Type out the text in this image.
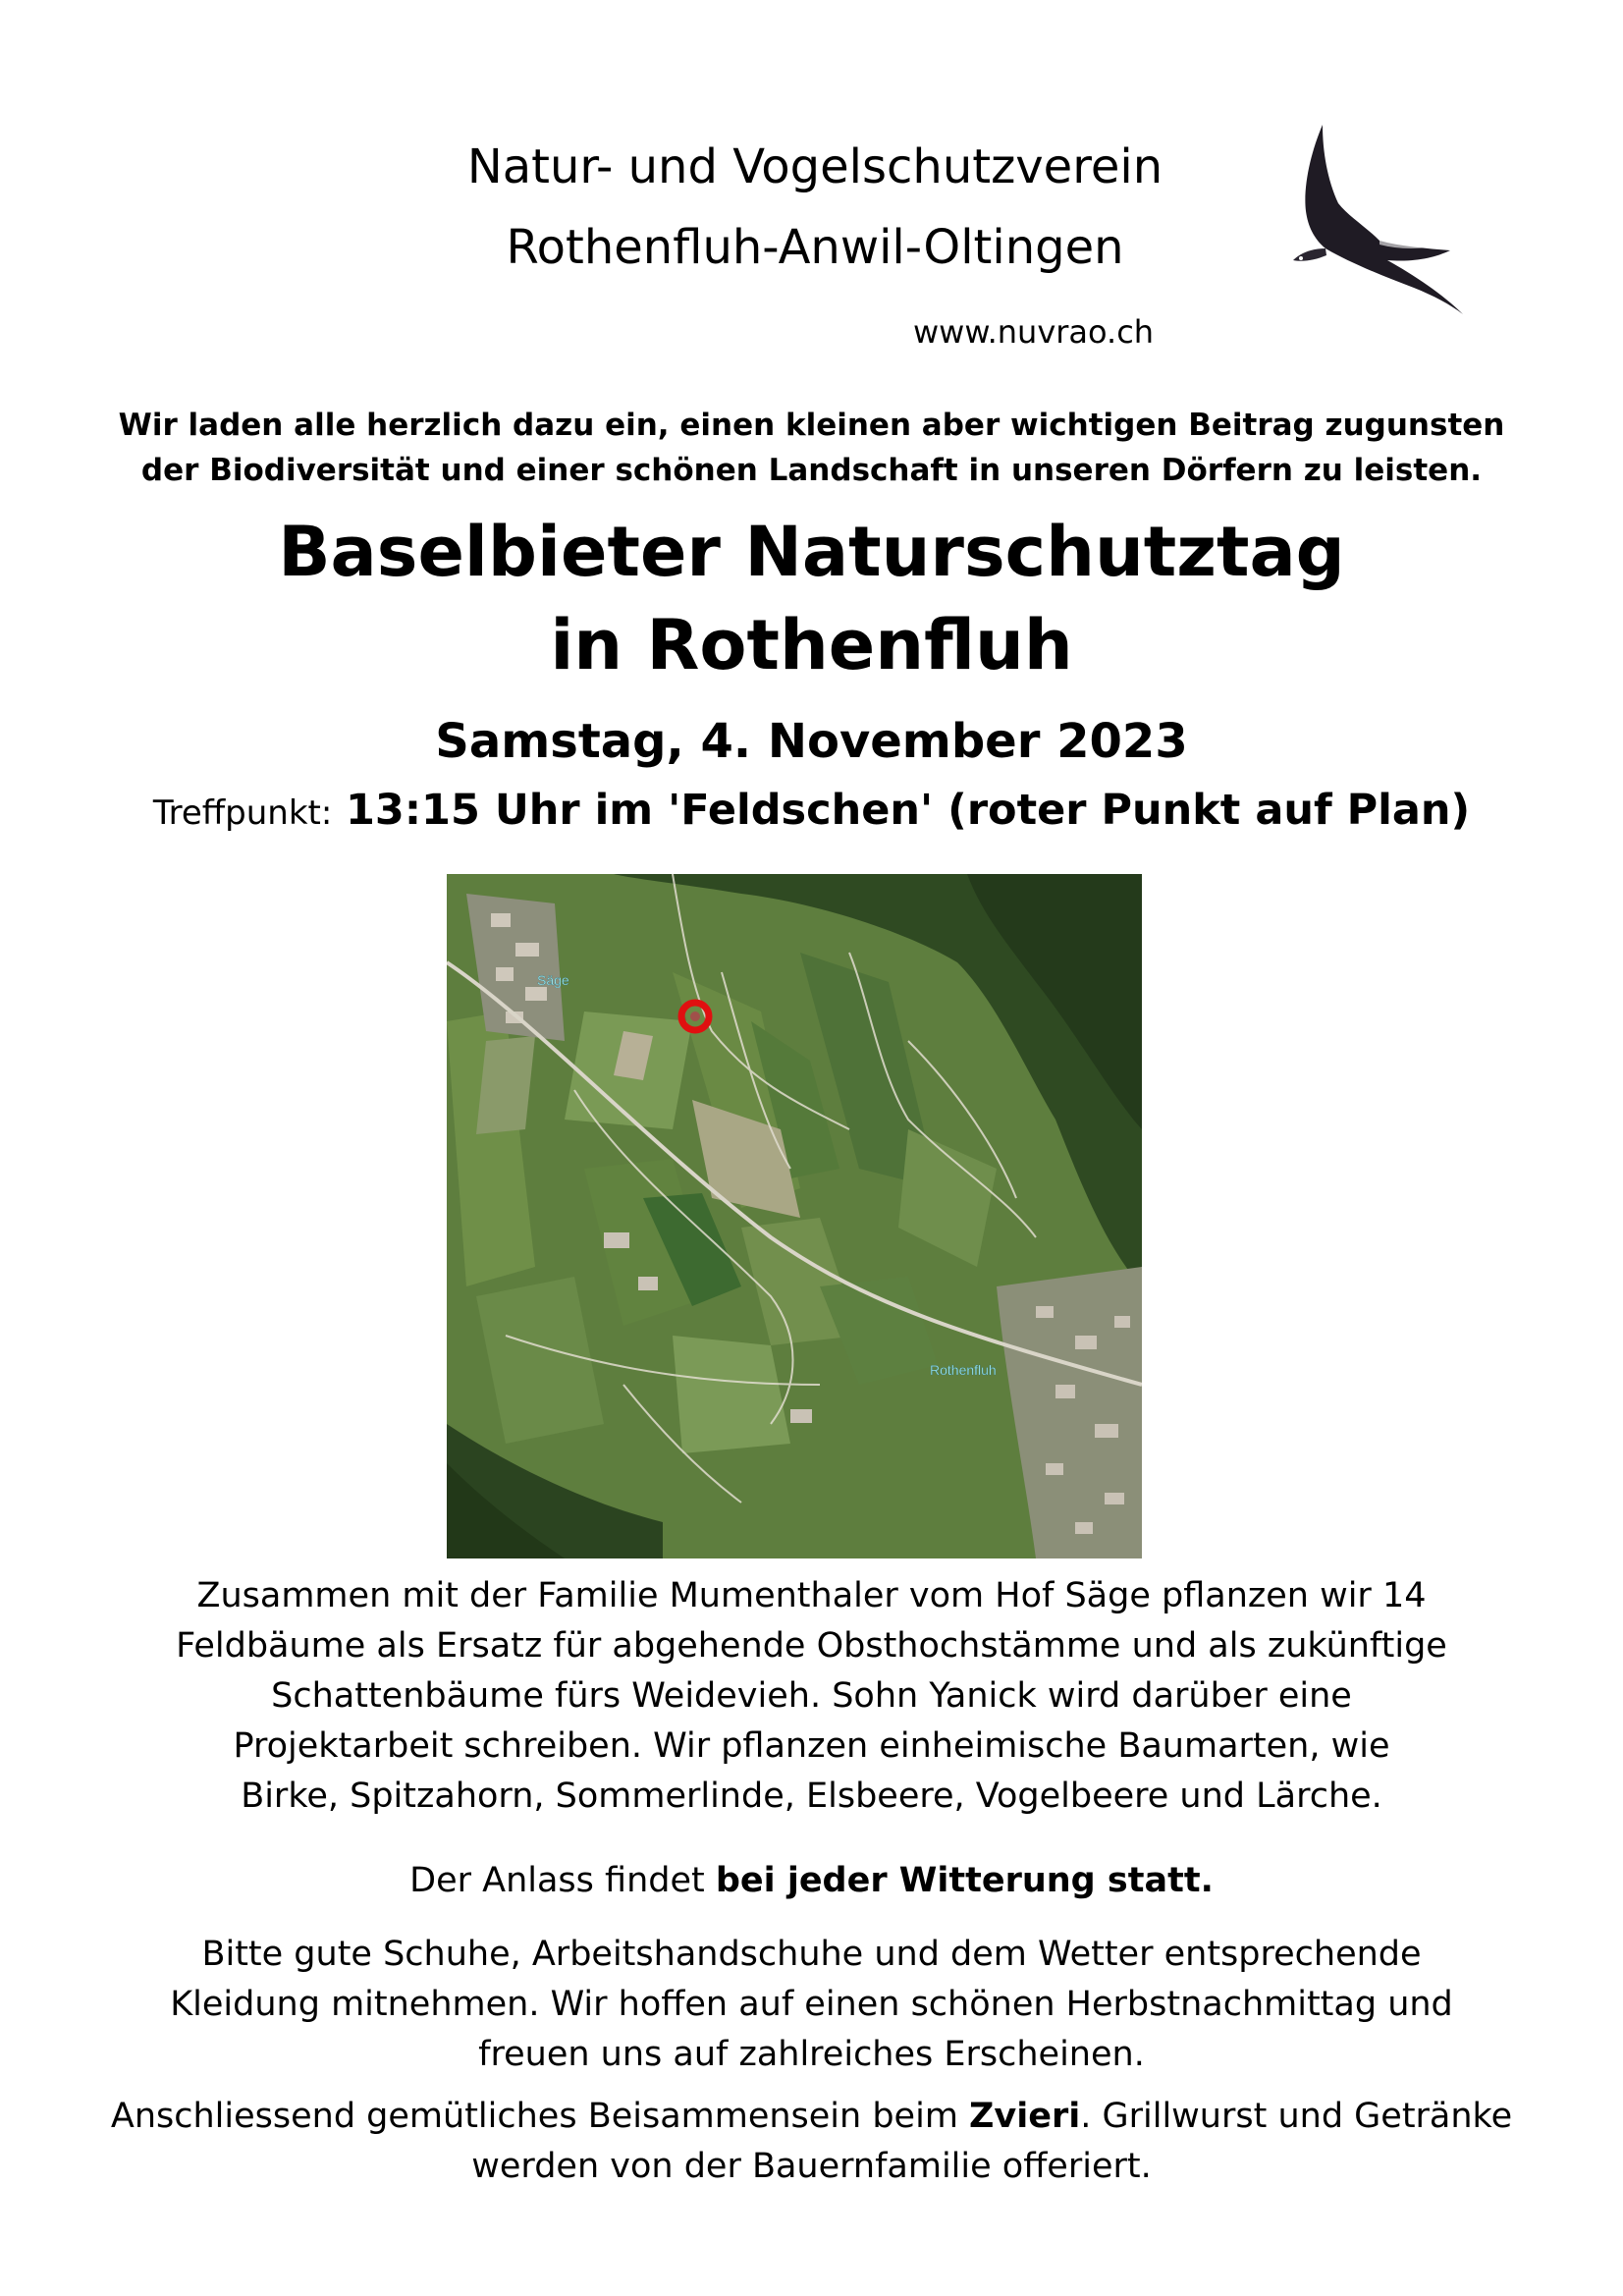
Natur- und Vogelschutzverein
Rothenfluh-Anwil-Oltingen
www.nuvrao.ch
Wir laden alle herzlich dazu ein, einen kleinen aber wichtigen Beitrag zugunsten
der Biodiversität und einer schönen Landschaft in unseren Dörfern zu leisten.
Baselbieter Naturschutztag
in Rothenfluh
Samstag, 4. November 2023
Treffpunkt: 13:15 Uhr im 'Feldschen' (roter Punkt auf Plan)
Säge
Rothenfluh
Zusammen mit der Familie Mumenthaler vom Hof Säge pflanzen wir 14
Feldbäume als Ersatz für abgehende Obsthochstämme und als zukünftige
Schattenbäume fürs Weidevieh. Sohn Yanick wird darüber eine
Projektarbeit schreiben. Wir pflanzen einheimische Baumarten, wie
Birke, Spitzahorn, Sommerlinde, Elsbeere, Vogelbeere und Lärche.
Der Anlass findet bei jeder Witterung statt.
Bitte gute Schuhe, Arbeitshandschuhe und dem Wetter entsprechende
Kleidung mitnehmen. Wir hoffen auf einen schönen Herbstnachmittag und
freuen uns auf zahlreiches Erscheinen.
Anschliessend gemütliches Beisammensein beim Zvieri. Grillwurst und Getränke
werden von der Bauernfamilie offeriert.
